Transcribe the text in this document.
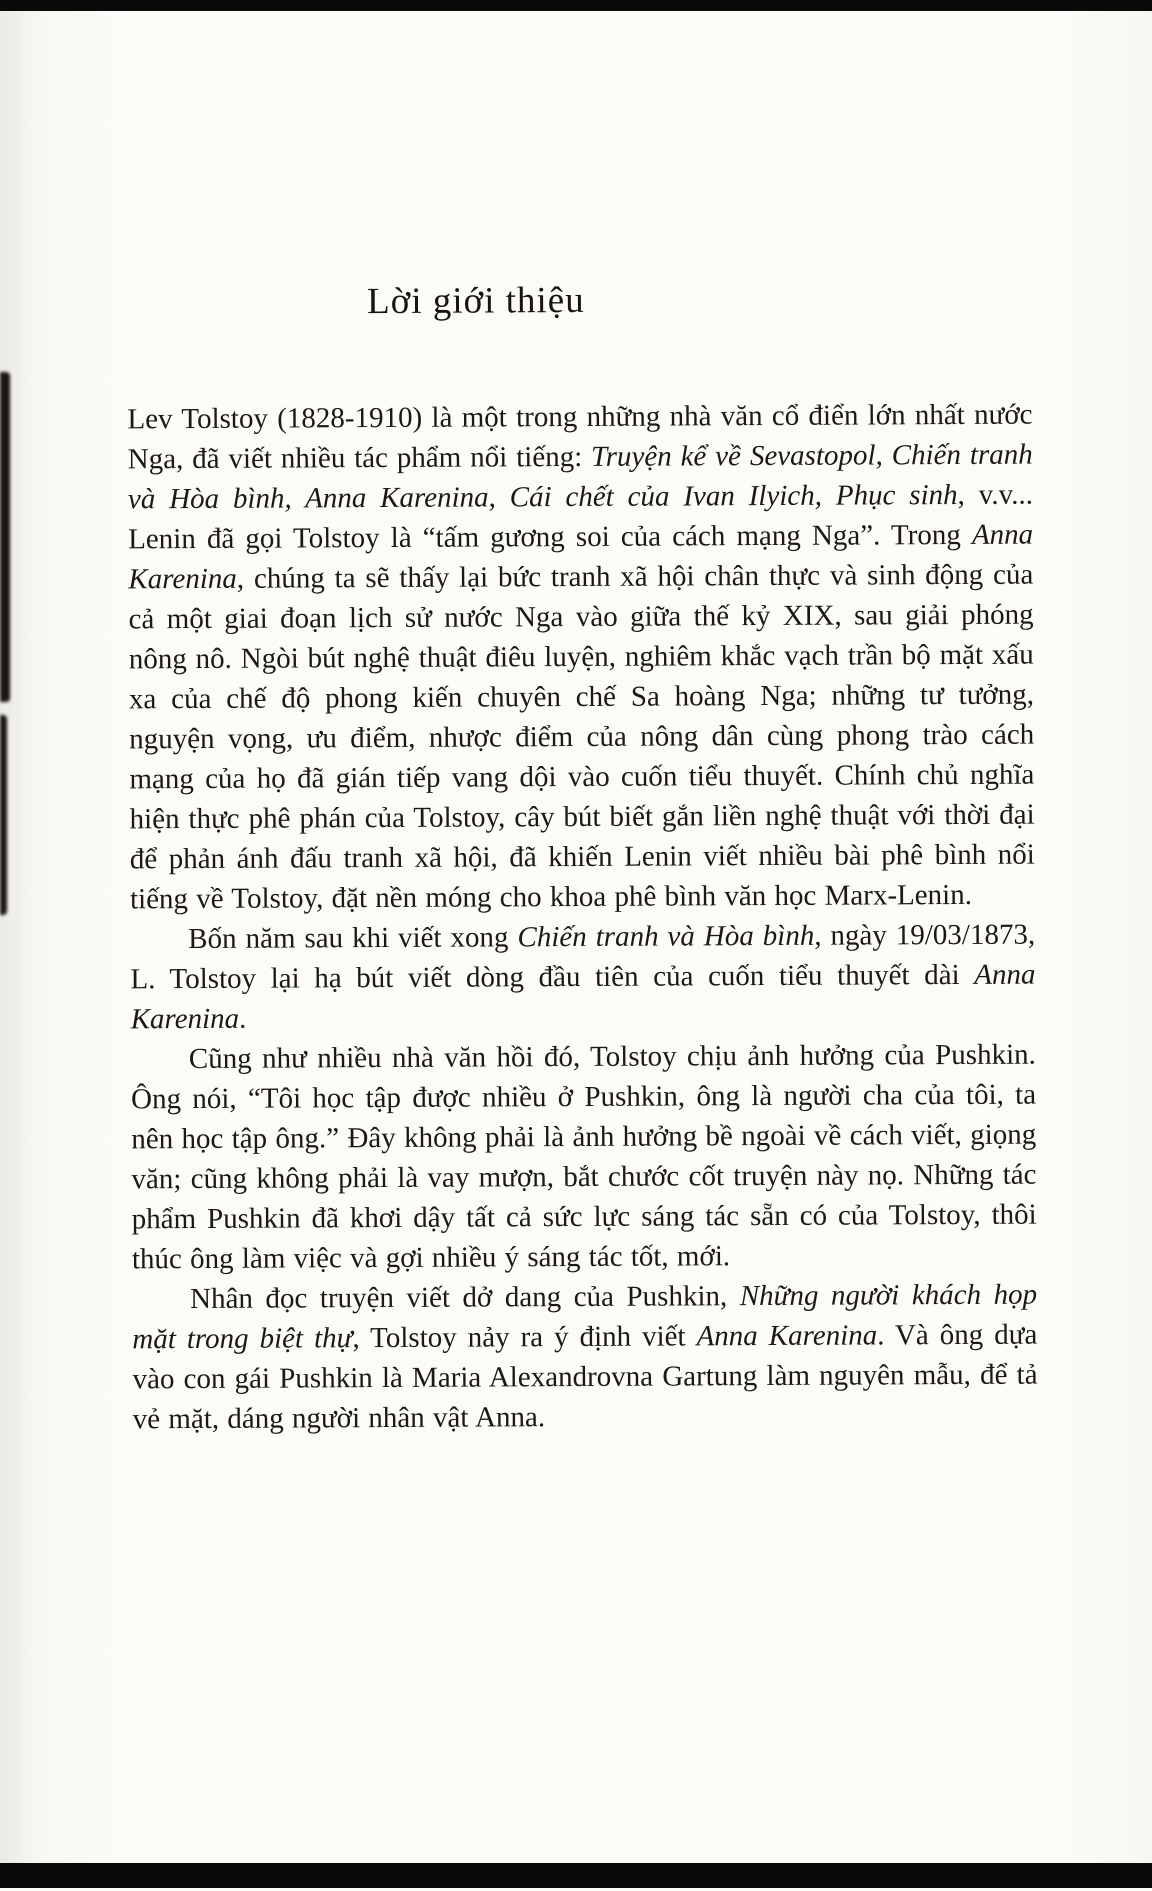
Lời giới thiệu

Lev Tolstoy (1828-1910) là một trong những nhà văn cổ điển lớn nhất nước Nga, đã viết nhiều tác phẩm nổi tiếng: Truyện kể về Sevastopol, Chiến tranh và Hòa bình, Anna Karenina, Cái chết của Ivan Ilyich, Phục sinh, v.v... Lenin đã gọi Tolstoy là “tấm gương soi của cách mạng Nga”. Trong Anna Karenina, chúng ta sẽ thấy lại bức tranh xã hội chân thực và sinh động của cả một giai đoạn lịch sử nước Nga vào giữa thế kỷ XIX, sau giải phóng nông nô. Ngòi bút nghệ thuật điêu luyện, nghiêm khắc vạch trần bộ mặt xấu xa của chế độ phong kiến chuyên chế Sa hoàng Nga; những tư tưởng, nguyện vọng, ưu điểm, nhược điểm của nông dân cùng phong trào cách mạng của họ đã gián tiếp vang dội vào cuốn tiểu thuyết. Chính chủ nghĩa hiện thực phê phán của Tolstoy, cây bút biết gắn liền nghệ thuật với thời đại để phản ánh đấu tranh xã hội, đã khiến Lenin viết nhiều bài phê bình nổi tiếng về Tolstoy, đặt nền móng cho khoa phê bình văn học Marx-Lenin.

Bốn năm sau khi viết xong Chiến tranh và Hòa bình, ngày 19/03/1873, L. Tolstoy lại hạ bút viết dòng đầu tiên của cuốn tiểu thuyết dài Anna Karenina.

Cũng như nhiều nhà văn hồi đó, Tolstoy chịu ảnh hưởng của Pushkin. Ông nói, “Tôi học tập được nhiều ở Pushkin, ông là người cha của tôi, ta nên học tập ông.” Đây không phải là ảnh hưởng bề ngoài về cách viết, giọng văn; cũng không phải là vay mượn, bắt chước cốt truyện này nọ. Những tác phẩm Pushkin đã khơi dậy tất cả sức lực sáng tác sẵn có của Tolstoy, thôi thúc ông làm việc và gợi nhiều ý sáng tác tốt, mới.

Nhân đọc truyện viết dở dang của Pushkin, Những người khách họp mặt trong biệt thự, Tolstoy nảy ra ý định viết Anna Karenina. Và ông dựa vào con gái Pushkin là Maria Alexandrovna Gartung làm nguyên mẫu, để tả vẻ mặt, dáng người nhân vật Anna.
